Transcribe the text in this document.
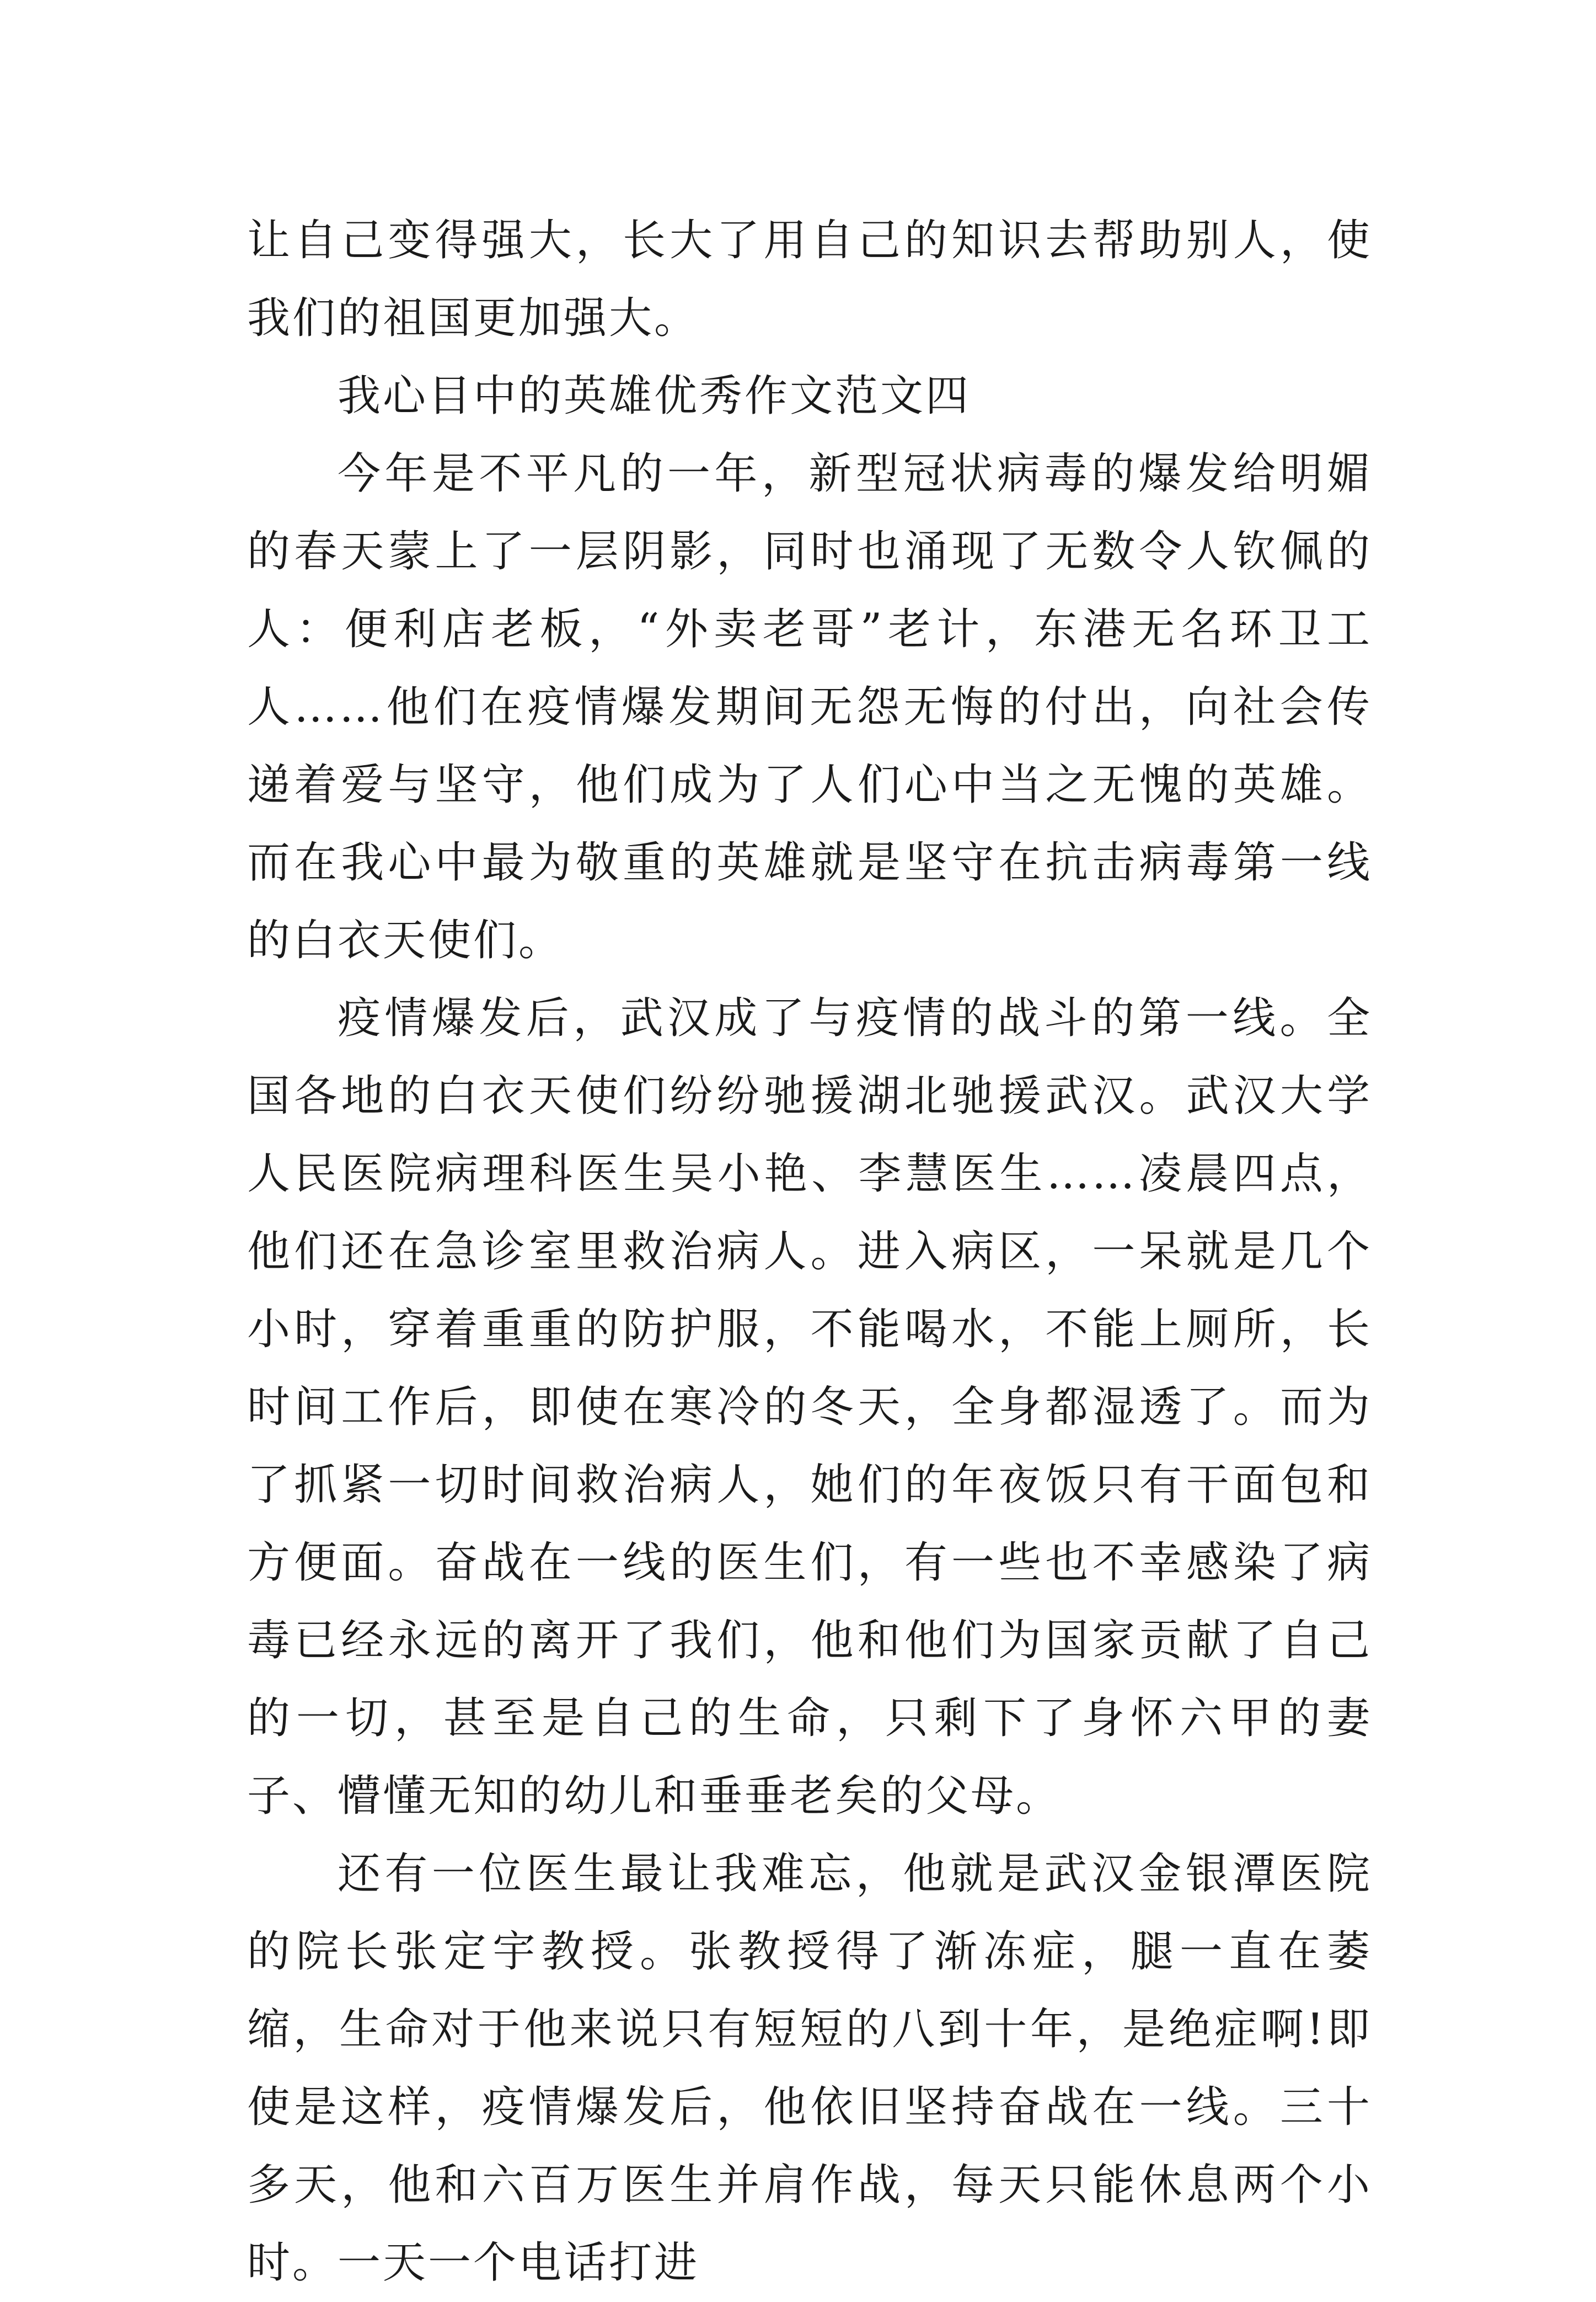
让自己变得强大，长大了用自己的知识去帮助别人，使我们的祖国更加强大。

我心目中的英雄优秀作文范文四

今年是不平凡的一年，新型冠状病毒的爆发给明媚的春天蒙上了一层阴影，同时也涌现了无数令人钦佩的人：便利店老板，“外卖老哥”老计，东港无名环卫工人……他们在疫情爆发期间无怨无悔的付出，向社会传递着爱与坚守，他们成为了人们心中当之无愧的英雄。而在我心中最为敬重的英雄就是坚守在抗击病毒第一线的白衣天使们。

疫情爆发后，武汉成了与疫情的战斗的第一线。全国各地的白衣天使们纷纷驰援湖北驰援武汉。武汉大学人民医院病理科医生吴小艳、李慧医生……凌晨四点，他们还在急诊室里救治病人。进入病区，一呆就是几个小时，穿着重重的防护服，不能喝水，不能上厕所，长时间工作后，即使在寒冷的冬天，全身都湿透了。而为了抓紧一切时间救治病人，她们的年夜饭只有干面包和方便面。奋战在一线的医生们，有一些也不幸感染了病毒已经永远的离开了我们，他和他们为国家贡献了自己的一切，甚至是自己的生命，只剩下了身怀六甲的妻子、懵懂无知的幼儿和垂垂老矣的父母。

还有一位医生最让我难忘，他就是武汉金银潭医院的院长张定宇教授。张教授得了渐冻症，腿一直在萎缩，生命对于他来说只有短短的八到十年，是绝症啊!即使是这样，疫情爆发后，他依旧坚持奋战在一线。三十多天，他和六百万医生并肩作战，每天只能休息两个小时。一天一个电话打进
